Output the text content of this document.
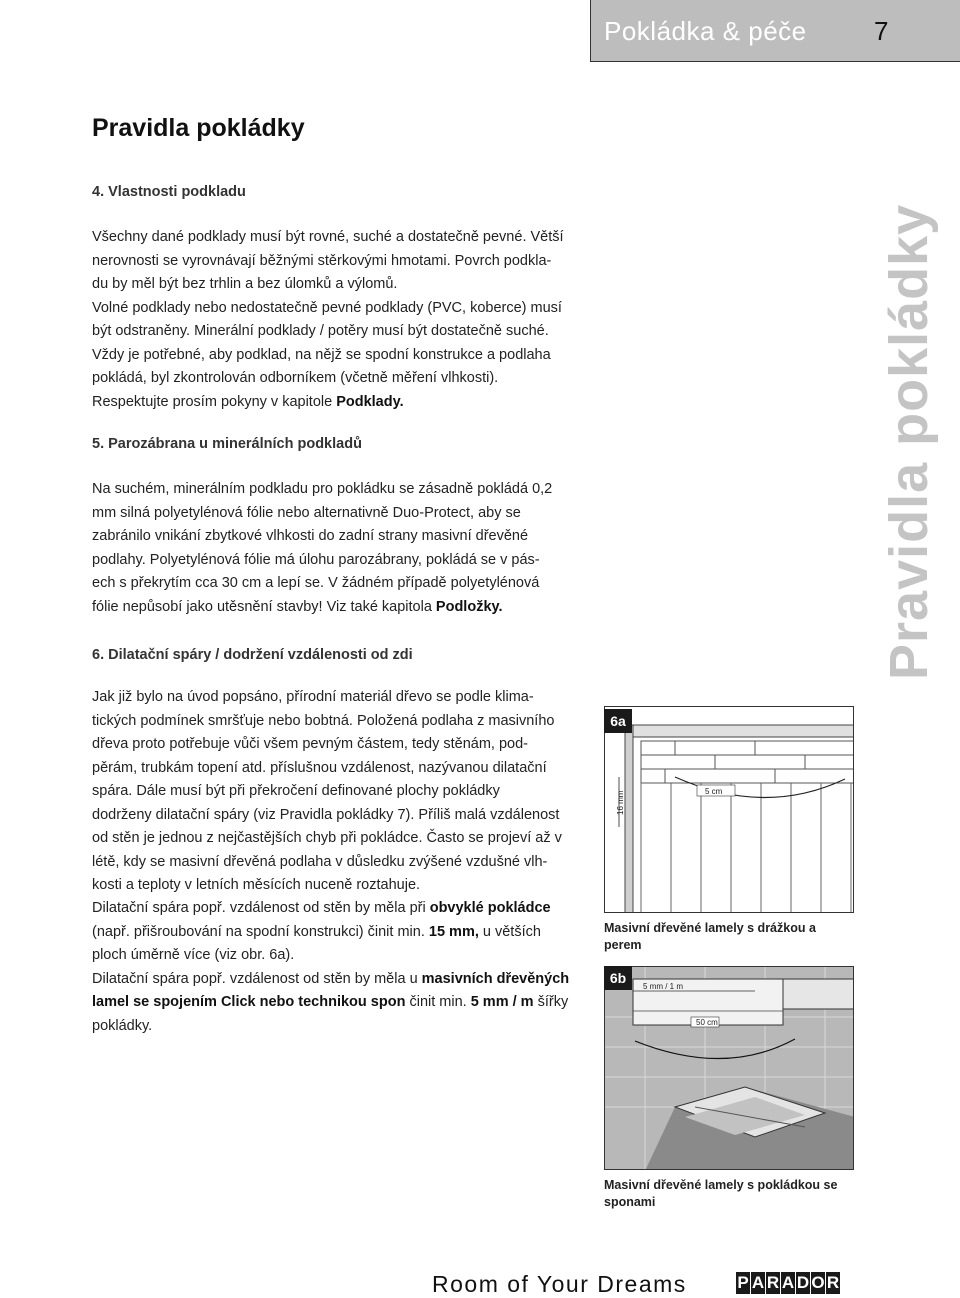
Pokládka & péče	7
Pravidla pokládky
Pravidla pokládky
4. Vlastnosti podkladu

Všechny dané podklady musí být rovné, suché a dostatečně pevné. Větší

nerovnosti se vyrovnávají běžnými stěrkovými hmotami. Povrch podkla-

du by měl být bez trhlin a bez úlomků a výlomů.

Volné podklady nebo nedostatečně pevné podklady (PVC, koberce) musí

být odstraněny. Minerální podklady / potěry musí být dostatečně suché.

Vždy je potřebné, aby podklad, na nějž se spodní konstrukce a podlaha

pokládá, byl zkontrolován odborníkem (včetně měření vlhkosti).

Respektujte prosím pokyny v kapitole Podklady.

5. Parozábrana u minerálních podkladů

Na suchém, minerálním podkladu pro pokládku se zásadně pokládá 0,2

mm silná polyetylénová fólie nebo alternativně Duo-Protect, aby se

zabránilo vnikání zbytkové vlhkosti do zadní strany masivní dřevěné

podlahy. Polyetylénová fólie má úlohu parozábrany, pokládá se v pás-

ech s překrytím cca 30 cm a lepí se. V žádném případě polyetylénová

fólie nepůsobí jako utěsnění stavby! Viz také kapitola Podložky.

6. Dilatační spáry / dodržení vzdálenosti od zdi

Jak již bylo na úvod popsáno, přírodní materiál dřevo se podle klima-

tických podmínek smršťuje nebo bobtná. Položená podlaha z masivního

dřeva proto potřebuje vůči všem pevným částem, tedy stěnám, pod-

pěrám, trubkám topení atd. příslušnou vzdálenost, nazývanou dilatační

spára. Dále musí být při překročení definované plochy pokládky

dodrženy dilatační spáry (viz Pravidla pokládky 7). Příliš malá vzdálenost

od stěn je jednou z nejčastějších chyb při pokládce. Často se projeví až v

létě, kdy se masivní dřevěná podlaha v důsledku zvýšené vzdušné vlh-

kosti a teploty v letních měsících nuceně roztahuje.

Dilatační spára popř. vzdálenost od stěn by měla při obvyklé pokládce

(např. přišroubování na spodní konstrukci) činit min. 15 mm, u větších

ploch úměrně více (viz obr. 6a).

Dilatační spára popř. vzdálenost od stěn by měla u masivních dřevěných

lamel se spojením Click nebo technikou spon činit min. 5 mm / m šířky

pokládky.

16 mm	5 cm
6a
Masivní dřevěné lamely s drážkou a perem
5 mm / 1 m
50 cm
6b
Masivní dřevěné lamely s pokládkou se sponami
Room of Your Dreams	P A R A D O R
